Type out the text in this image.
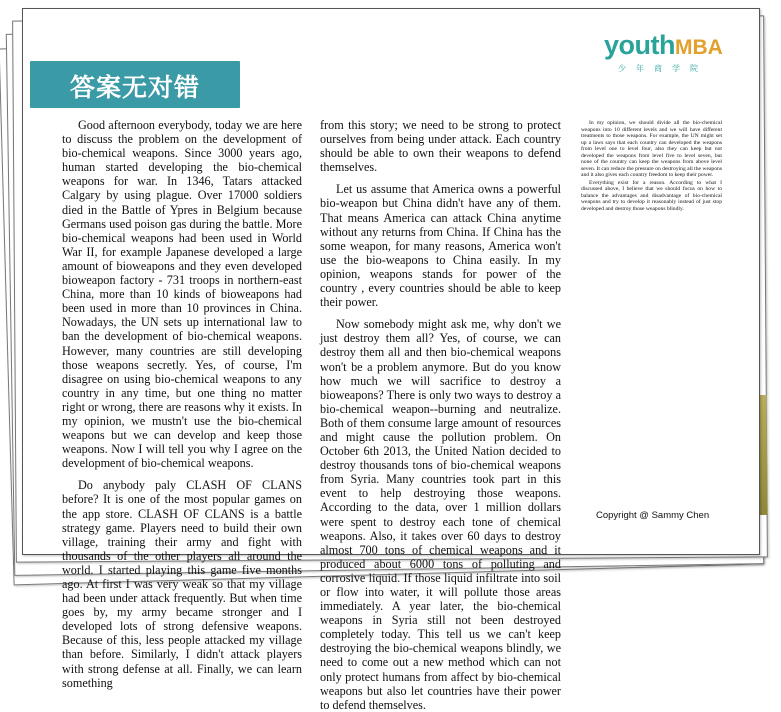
答案无对错
youthMBA
少年商学院

Good afternoon everybody, today we are here to discuss the problem on the development of bio-chemical weapons. Since 3000 years ago, human started developing the bio-chemical weapons for war. In 1346, Tatars attacked Calgary by using plague. Over 17000 soldiers died in the Battle of Ypres in Belgium because Germans used poison gas during the battle. More bio-chemical weapons had been used in World War II, for example Japanese developed a large amount of bioweapons and they even developed bioweapon factory - 731 troops in northern-east China, more than 10 kinds of bioweapons had been used in more than 10 provinces in China. Nowadays, the UN sets up international law to ban the development of bio-chemical weapons. However, many countries are still developing those weapons secretly. Yes, of course, I'm disagree on using bio-chemical weapons to any country in any time, but one thing no matter right or wrong, there are reasons why it exists. In my opinion, we mustn't use the bio-chemical weapons but we can develop and keep those weapons. Now I will tell you why I agree on the development of bio-chemical weapons.

Do anybody paly CLASH OF CLANS before? It is one of the most popular games on the app store. CLASH OF CLANS is a battle strategy game. Players need to build their own village, training their army and fight with thousands of the other players all around the world. I started playing this game five months ago. At first I was very weak so that my village had been under attack frequently. But when time goes by, my army became stronger and I developed lots of strong defensive weapons. Because of this, less people attacked my village than before. Similarly, I didn't attack players with strong defense at all. Finally, we can learn something

from this story; we need to be strong to protect ourselves from being under attack. Each country should be able to own their weapons to defend themselves.

Let us assume that America owns a powerful bio-weapon but China didn't have any of them. That means America can attack China anytime without any returns from China. If China has the some weapon, for many reasons, America won't use the bio-weapons to China easily. In my opinion, weapons stands for power of the country , every countries should be able to keep their power.

Now somebody might ask me, why don't we just destroy them all? Yes, of course, we can destroy them all and then bio-chemical weapons won't be a problem anymore. But do you know how much we will sacrifice to destroy a bioweapons? There is only two ways to destroy a bio-chemical weapon--burning and neutralize. Both of them consume large amount of resources and might cause the pollution problem. On October 6th 2013, the United Nation decided to destroy thousands tons of bio-chemical weapons from Syria. Many countries took part in this event to help destroying those weapons. According to the data, over 1 million dollars were spent to destroy each tone of chemical weapons. Also, it takes over 60 days to destroy almost 700 tons of chemical weapons and it produced about 6000 tons of polluting and corrosive liquid. If those liquid infiltrate into soil or flow into water, it will pollute those areas immediately. A year later, the bio-chemical weapons in Syria still not been destroyed completely today. This tell us we can't keep destroying the bio-chemical weapons blindly, we need to come out a new method which can not only protect humans from affect by bio-chemical weapons but also let countries have their power to defend themselves.

In my opinion, we should divide all the bio-chemical weapons into 10 different levels and we will have different treatments to those weapons. For example, the UN might set up a laws says that each country can developed the weapons from level one to level four, also they can keep but not developed the weapons from level five to level seven, but none of the country can keep the weapons from above level seven. It can reduce the pressure on destroying all the weapons and it also gives each country freedom to keep their power.

Everything exist for a reason. According to what I discussed above, I believe that we should focus on how to balance the advantages and disadvantage of bio-chemical weapons and try to develop it reasonably instead of just stop developed and destroy those weapons blindly.

Copyright @ Sammy Chen
